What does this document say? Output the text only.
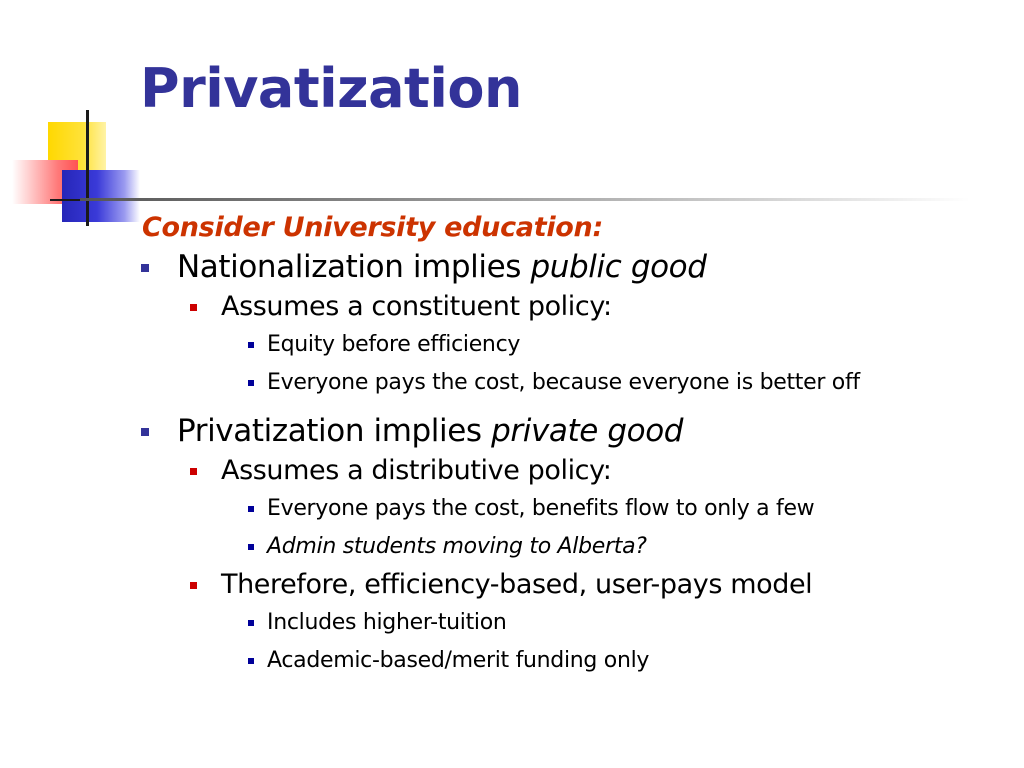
Privatization
Consider University education:
Nationalization implies public good
Assumes a constituent policy:
Equity before efficiency
Everyone pays the cost, because everyone is better off
Privatization implies private good
Assumes a distributive policy:
Everyone pays the cost, benefits flow to only a few
Admin students moving to Alberta?
Therefore, efficiency-based, user-pays model
Includes higher-tuition
Academic-based/merit funding only
